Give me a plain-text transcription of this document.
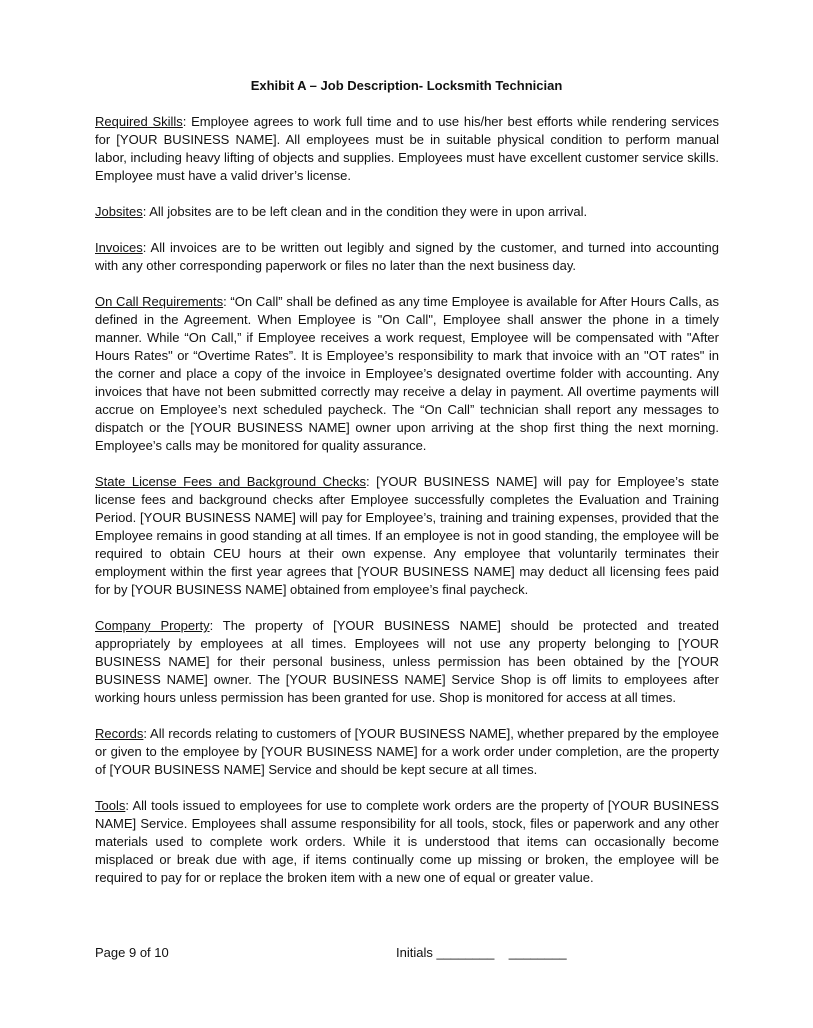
Exhibit A – Job Description- Locksmith Technician

Required Skills: Employee agrees to work full time and to use his/her best efforts while rendering services for [YOUR BUSINESS NAME]. All employees must be in suitable physical condition to perform manual labor, including heavy lifting of objects and supplies. Employees must have excellent customer service skills. Employee must have a valid driver’s license.

Jobsites: All jobsites are to be left clean and in the condition they were in upon arrival.

Invoices: All invoices are to be written out legibly and signed by the customer, and turned into accounting with any other corresponding paperwork or files no later than the next business day.

On Call Requirements: “On Call” shall be defined as any time Employee is available for After Hours Calls, as defined in the Agreement. When Employee is "On Call", Employee shall answer the phone in a timely manner. While “On Call,” if Employee receives a work request, Employee will be compensated with "After Hours Rates" or “Overtime Rates”. It is Employee’s responsibility to mark that invoice with an "OT rates" in the corner and place a copy of the invoice in Employee’s designated overtime folder with accounting. Any invoices that have not been submitted correctly may receive a delay in payment. All overtime payments will accrue on Employee’s next scheduled paycheck. The “On Call” technician shall report any messages to dispatch or the [YOUR BUSINESS NAME] owner upon arriving at the shop first thing the next morning. Employee’s calls may be monitored for quality assurance.

State License Fees and Background Checks: [YOUR BUSINESS NAME] will pay for Employee’s state license fees and background checks after Employee successfully completes the Evaluation and Training Period. [YOUR BUSINESS NAME] will pay for Employee’s, training and training expenses, provided that the Employee remains in good standing at all times. If an employee is not in good standing, the employee will be required to obtain CEU hours at their own expense. Any employee that voluntarily terminates their employment within the first year agrees that [YOUR BUSINESS NAME] may deduct all licensing fees paid for by [YOUR BUSINESS NAME] obtained from employee’s final paycheck.

Company Property: The property of [YOUR BUSINESS NAME] should be protected and treated appropriately by employees at all times. Employees will not use any property belonging to [YOUR BUSINESS NAME] for their personal business, unless permission has been obtained by the [YOUR BUSINESS NAME] owner. The [YOUR BUSINESS NAME] Service Shop is off limits to employees after working hours unless permission has been granted for use. Shop is monitored for access at all times.

Records: All records relating to customers of [YOUR BUSINESS NAME], whether prepared by the employee or given to the employee by [YOUR BUSINESS NAME] for a work order under completion, are the property of [YOUR BUSINESS NAME] Service and should be kept secure at all times.

Tools: All tools issued to employees for use to complete work orders are the property of [YOUR BUSINESS NAME] Service. Employees shall assume responsibility for all tools, stock, files or paperwork and any other materials used to complete work orders. While it is understood that items can occasionally become misplaced or break due with age, if items continually come up missing or broken, the employee will be required to pay for or replace the broken item with a new one of equal or greater value.

Page 9 of 10	Initials ________    ________
